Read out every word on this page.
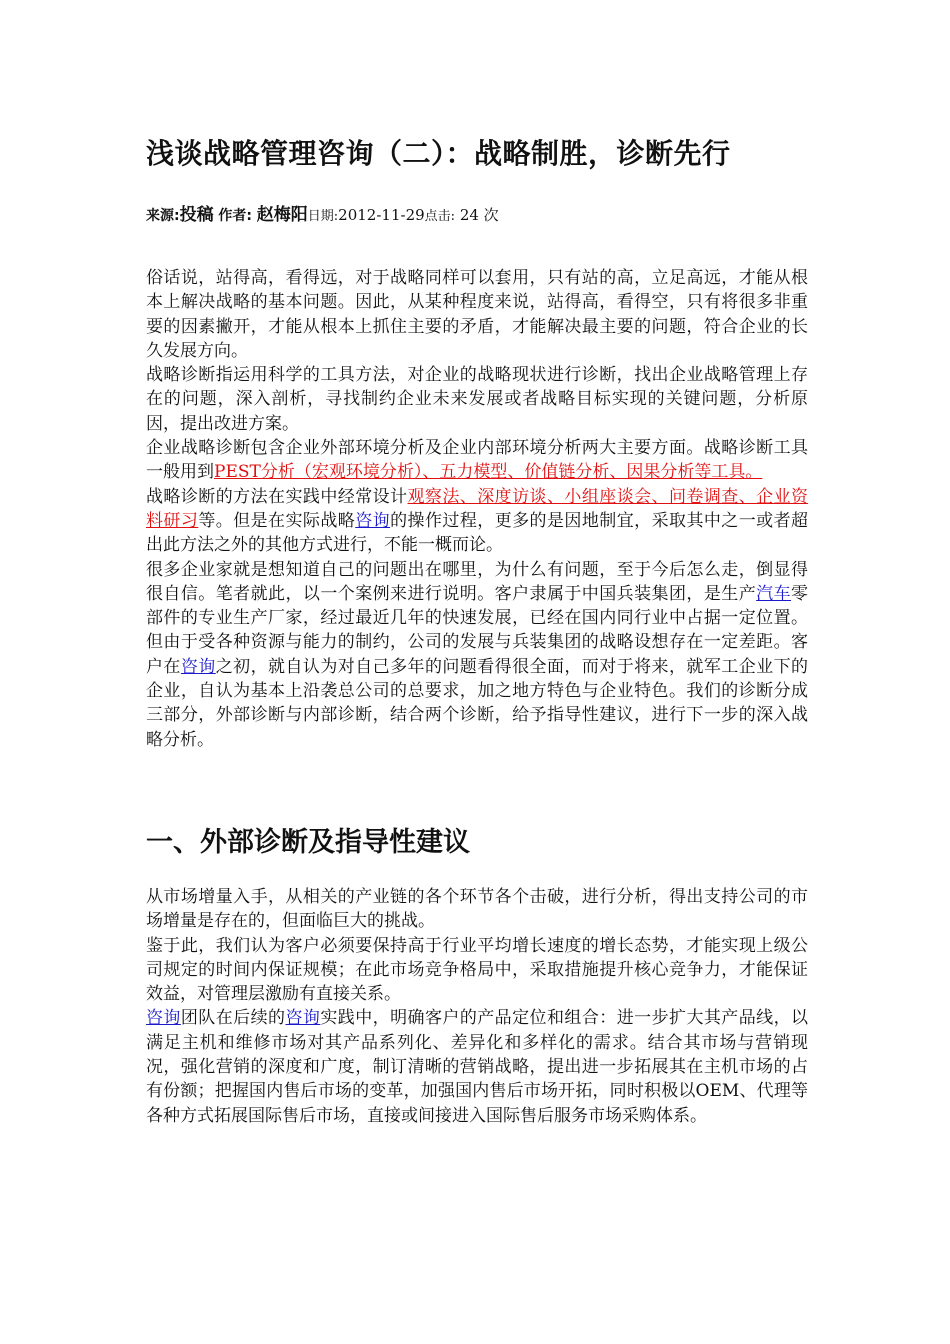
浅谈战略管理咨询（二）：战略制胜，诊断先行
来源:投稿 作者: 赵梅阳日期:2012-11-29点击: 24 次

俗话说，站得高，看得远，对于战略同样可以套用，只有站的高，立足高远，才能从根本上解决战略的基本问题。因此，从某种程度来说，站得高，看得空，只有将很多非重要的因素撇开，才能从根本上抓住主要的矛盾，才能解决最主要的问题，符合企业的长久发展方向。

战略诊断指运用科学的工具方法，对企业的战略现状进行诊断，找出企业战略管理上存在的问题，深入剖析，寻找制约企业未来发展或者战略目标实现的关键问题，分析原因，提出改进方案。

企业战略诊断包含企业外部环境分析及企业内部环境分析两大主要方面。战略诊断工具一般用到PEST分析（宏观环境分析）、五力模型、价值链分析、因果分析等工具。

战略诊断的方法在实践中经常设计观察法、深度访谈、小组座谈会、问卷调查、企业资料研习等。但是在实际战略咨询的操作过程，更多的是因地制宜，采取其中之一或者超出此方法之外的其他方式进行，不能一概而论。

很多企业家就是想知道自己的问题出在哪里，为什么有问题，至于今后怎么走，倒显得很自信。笔者就此，以一个案例来进行说明。客户隶属于中国兵装集团，是生产汽车零部件的专业生产厂家，经过最近几年的快速发展，已经在国内同行业中占据一定位置。但由于受各种资源与能力的制约，公司的发展与兵装集团的战略设想存在一定差距。客户在咨询之初，就自认为对自己多年的问题看得很全面，而对于将来，就军工企业下的企业，自认为基本上沿袭总公司的总要求，加之地方特色与企业特色。我们的诊断分成三部分，外部诊断与内部诊断，结合两个诊断，给予指导性建议，进行下一步的深入战略分析。

一、外部诊断及指导性建议

从市场增量入手，从相关的产业链的各个环节各个击破，进行分析，得出支持公司的市场增量是存在的，但面临巨大的挑战。

鉴于此，我们认为客户必须要保持高于行业平均增长速度的增长态势，才能实现上级公司规定的时间内保证规模；在此市场竞争格局中，采取措施提升核心竞争力，才能保证效益，对管理层激励有直接关系。

咨询团队在后续的咨询实践中，明确客户的产品定位和组合：进一步扩大其产品线，以满足主机和维修市场对其产品系列化、差异化和多样化的需求。结合其市场与营销现况，强化营销的深度和广度，制订清晰的营销战略，提出进一步拓展其在主机市场的占有份额；把握国内售后市场的变革，加强国内售后市场开拓，同时积极以OEM、代理等各种方式拓展国际售后市场，直接或间接进入国际售后服务市场采购体系。
